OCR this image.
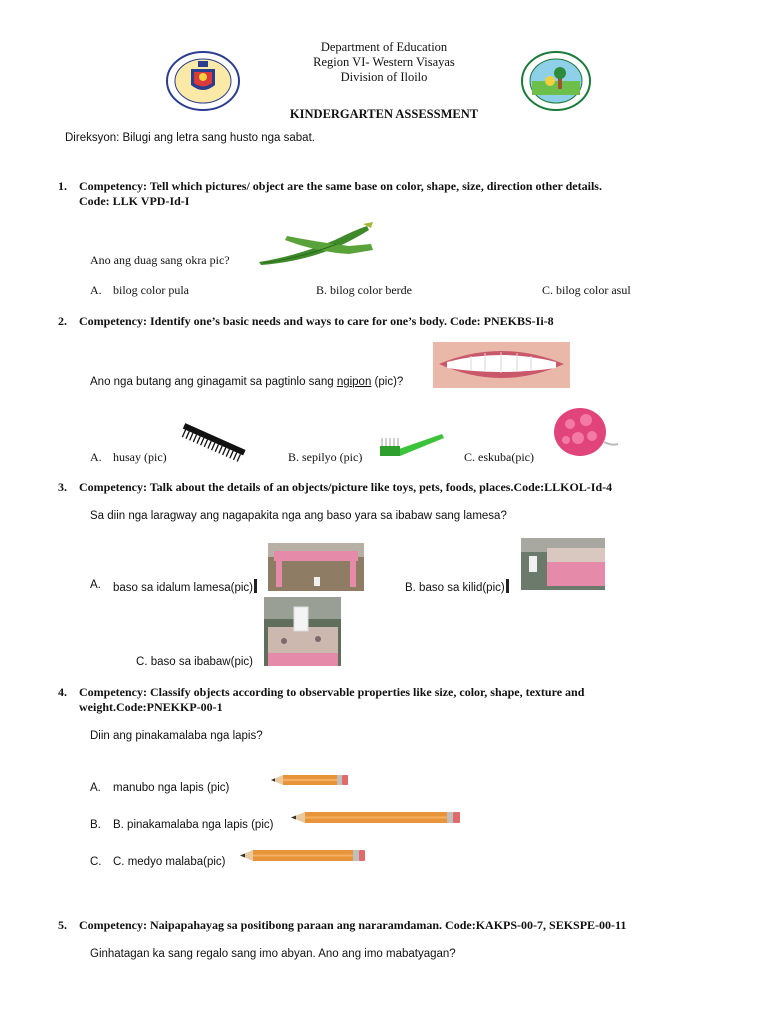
Department of Education
Region VI- Western Visayas
Division of Iloilo
KINDERGARTEN ASSESSMENT
Direksyon: Bilugi ang letra sang husto nga sabat.
1. Competency: Tell which pictures/ object are the same base on color, shape, size, direction other details.
Code: LLK VPD-Id-I
Ano ang duag sang okra pic?
A. bilog color pula	B. bilog color berde	C. bilog color asul
2. Competency: Identify one’s basic needs and ways to care for one’s body. Code: PNEKBS-Ii-8
Ano nga butang ang ginagamit sa pagtinlo sang ngipon (pic)?
A. husay (pic)	B. sepilyo (pic)	C. eskuba(pic)
3. Competency: Talk about the details of an objects/picture like toys, pets, foods, places.Code:LLKOL-Id-4
Sa diin nga laragway ang nagapakita nga ang baso yara sa ibabaw sang lamesa?
A. baso sa idalum lamesa(pic)	B. baso sa kilid(pic)
C. baso sa ibabaw(pic)
4. Competency: Classify objects according to observable properties like size, color, shape, texture and
weight.Code:PNEKKP-00-1
Diin ang pinakamalaba nga lapis?
A. manubo nga lapis (pic)
B. B. pinakamalaba nga lapis (pic)
C. C. medyo malaba(pic)
5. Competency: Naipapahayag sa positibong paraan ang nararamdaman. Code:KAKPS-00-7, SEKSPE-00-11
Ginhatagan ka sang regalo sang imo abyan. Ano ang imo mabatyagan?
